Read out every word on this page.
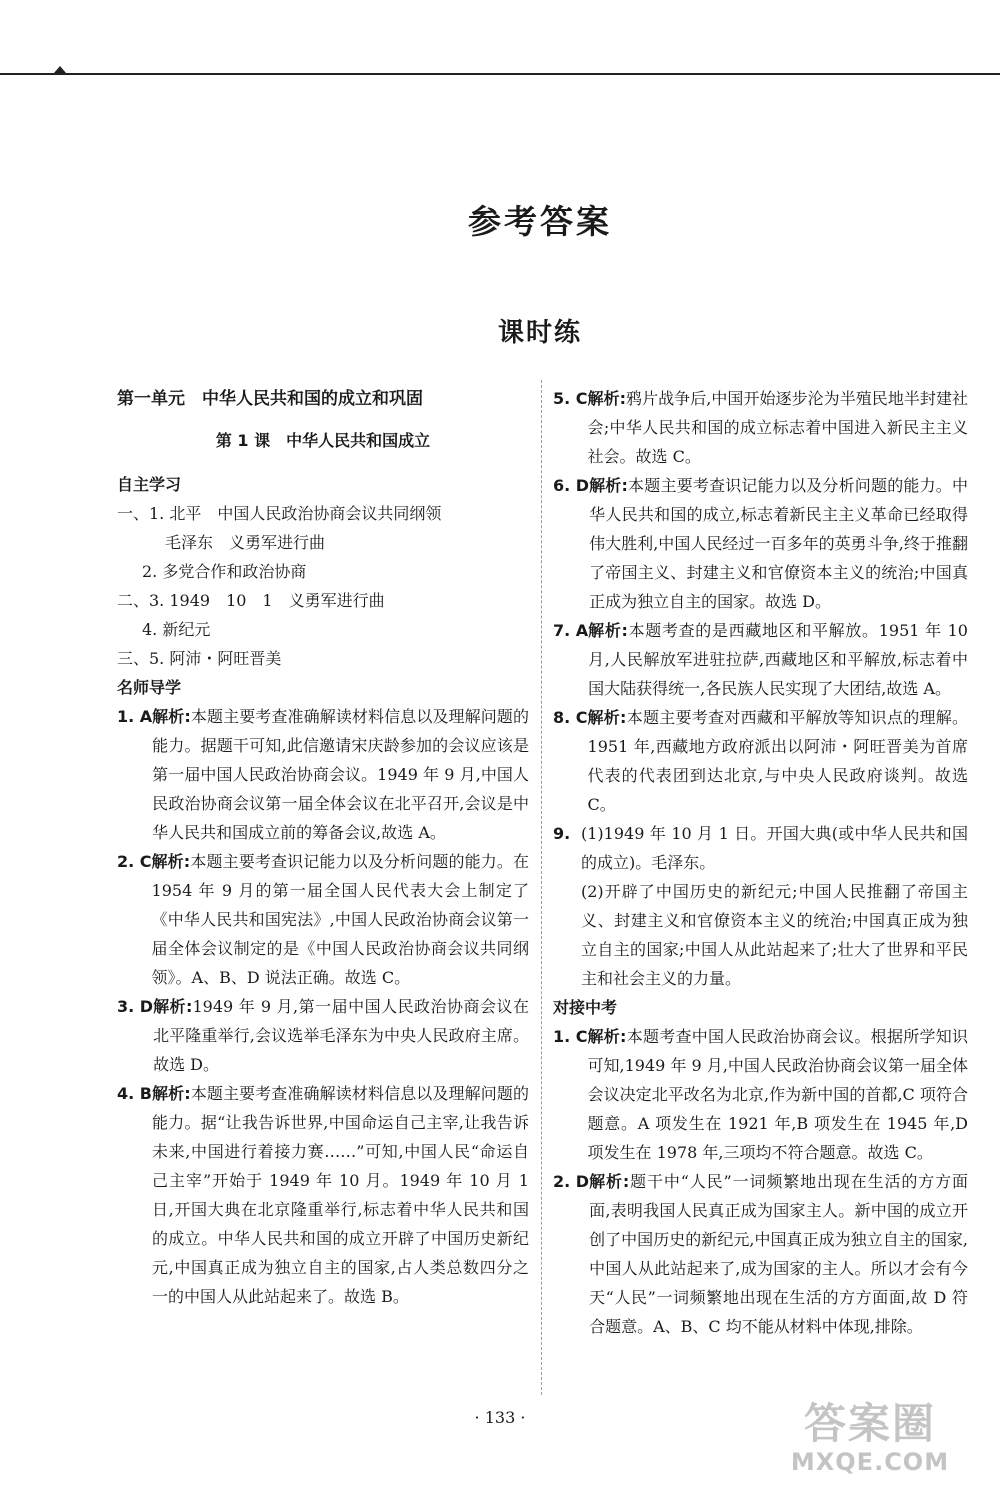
参考答案
课时练
第一单元　中华人民共和国的成立和巩固
第 1 课　中华人民共和国成立
自主学习
一、1. 北平　中国人民政治协商会议共同纲领
毛泽东　义勇军进行曲
2. 多党合作和政治协商
二、3. 1949　10　1　义勇军进行曲
4. 新纪元
三、5. 阿沛・阿旺晋美
名师导学
1. A 解析:本题主要考查准确解读材料信息以及理解问题的能力。据题干可知,此信邀请宋庆龄参加的会议应该是第一届中国人民政治协商会议。1949 年 9 月,中国人民政治协商会议第一届全体会议在北平召开,会议是中华人民共和国成立前的筹备会议,故选 A。
2. C 解析:本题主要考查识记能力以及分析问题的能力。在 1954 年 9 月的第一届全国人民代表大会上制定了《中华人民共和国宪法》,中国人民政治协商会议第一届全体会议制定的是《中国人民政治协商会议共同纲领》。A、B、D 说法正确。故选 C。
3. D 解析:1949 年 9 月,第一届中国人民政治协商会议在北平隆重举行,会议选举毛泽东为中央人民政府主席。故选 D。
4. B 解析:本题主要考查准确解读材料信息以及理解问题的能力。据“让我告诉世界,中国命运自己主宰,让我告诉未来,中国进行着接力赛……”可知,中国人民“命运自己主宰”开始于 1949 年 10 月。1949 年 10 月 1 日,开国大典在北京隆重举行,标志着中华人民共和国的成立。中华人民共和国的成立开辟了中国历史新纪元,中国真正成为独立自主的国家,占人类总数四分之一的中国人从此站起来了。故选 B。
5. C 解析:鸦片战争后,中国开始逐步沦为半殖民地半封建社会;中华人民共和国的成立标志着中国进入新民主主义社会。故选 C。
6. D 解析:本题主要考查识记能力以及分析问题的能力。中华人民共和国的成立,标志着新民主主义革命已经取得伟大胜利,中国人民经过一百多年的英勇斗争,终于推翻了帝国主义、封建主义和官僚资本主义的统治;中国真正成为独立自主的国家。故选 D。
7. A 解析:本题考查的是西藏地区和平解放。1951 年 10 月,人民解放军进驻拉萨,西藏地区和平解放,标志着中国大陆获得统一,各民族人民实现了大团结,故选 A。
8. C 解析:本题主要考查对西藏和平解放等知识点的理解。1951 年,西藏地方政府派出以阿沛・阿旺晋美为首席代表的代表团到达北京,与中央人民政府谈判。故选 C。
9. (1)1949 年 10 月 1 日。开国大典(或中华人民共和国的成立)。毛泽东。
(2)开辟了中国历史的新纪元;中国人民推翻了帝国主义、封建主义和官僚资本主义的统治;中国真正成为独立自主的国家;中国人从此站起来了;壮大了世界和平民主和社会主义的力量。
对接中考
1. C 解析:本题考查中国人民政治协商会议。根据所学知识可知,1949 年 9 月,中国人民政治协商会议第一届全体会议决定北平改名为北京,作为新中国的首都,C 项符合题意。A 项发生在 1921 年,B 项发生在 1945 年,D 项发生在 1978 年,三项均不符合题意。故选 C。
2. D 解析:题干中“人民”一词频繁地出现在生活的方方面面,表明我国人民真正成为国家主人。新中国的成立开创了中国历史的新纪元,中国真正成为独立自主的国家,中国人从此站起来了,成为国家的主人。所以才会有今天“人民”一词频繁地出现在生活的方方面面,故 D 符合题意。A、B、C 均不能从材料中体现,排除。
· 133 ·	答案圈
MXQE.COM
